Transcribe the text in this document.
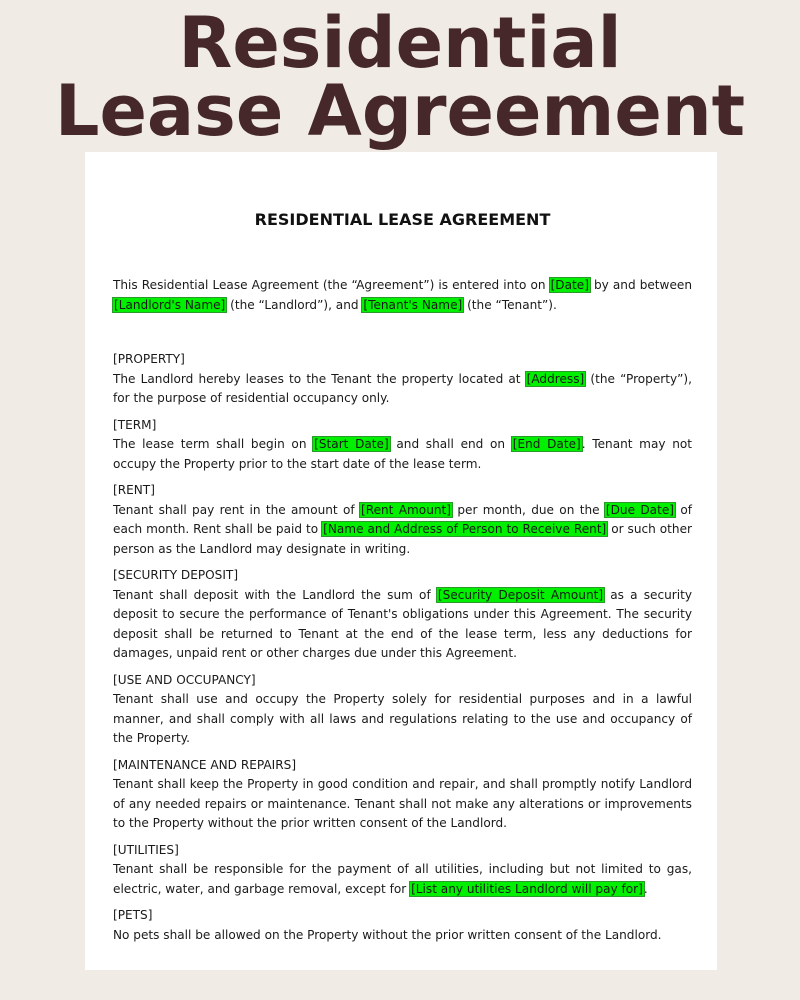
Residential
Lease Agreement
RESIDENTIAL LEASE AGREEMENT

This Residential Lease Agreement (the “Agreement”) is entered into on [Date] by and between [Landlord's Name] (the “Landlord”), and [Tenant's Name] (the “Tenant”).

[PROPERTY]

The Landlord hereby leases to the Tenant the property located at [Address] (the “Property”), for the purpose of residential occupancy only.

[TERM]

The lease term shall begin on [Start Date] and shall end on [End Date]. Tenant may not occupy the Property prior to the start date of the lease term.

[RENT]

Tenant shall pay rent in the amount of [Rent Amount] per month, due on the [Due Date] of each month. Rent shall be paid to [Name and Address of Person to Receive Rent] or such other person as the Landlord may designate in writing.

[SECURITY DEPOSIT]

Tenant shall deposit with the Landlord the sum of [Security Deposit Amount] as a security deposit to secure the performance of Tenant's obligations under this Agreement. The security deposit shall be returned to Tenant at the end of the lease term, less any deductions for damages, unpaid rent or other charges due under this Agreement.

[USE AND OCCUPANCY]

Tenant shall use and occupy the Property solely for residential purposes and in a lawful manner, and shall comply with all laws and regulations relating to the use and occupancy of the Property.

[MAINTENANCE AND REPAIRS]

Tenant shall keep the Property in good condition and repair, and shall promptly notify Landlord of any needed repairs or maintenance. Tenant shall not make any alterations or improvements to the Property without the prior written consent of the Landlord.

[UTILITIES]

Tenant shall be responsible for the payment of all utilities, including but not limited to gas, electric, water, and garbage removal, except for [List any utilities Landlord will pay for].

[PETS]

No pets shall be allowed on the Property without the prior written consent of the Landlord.
